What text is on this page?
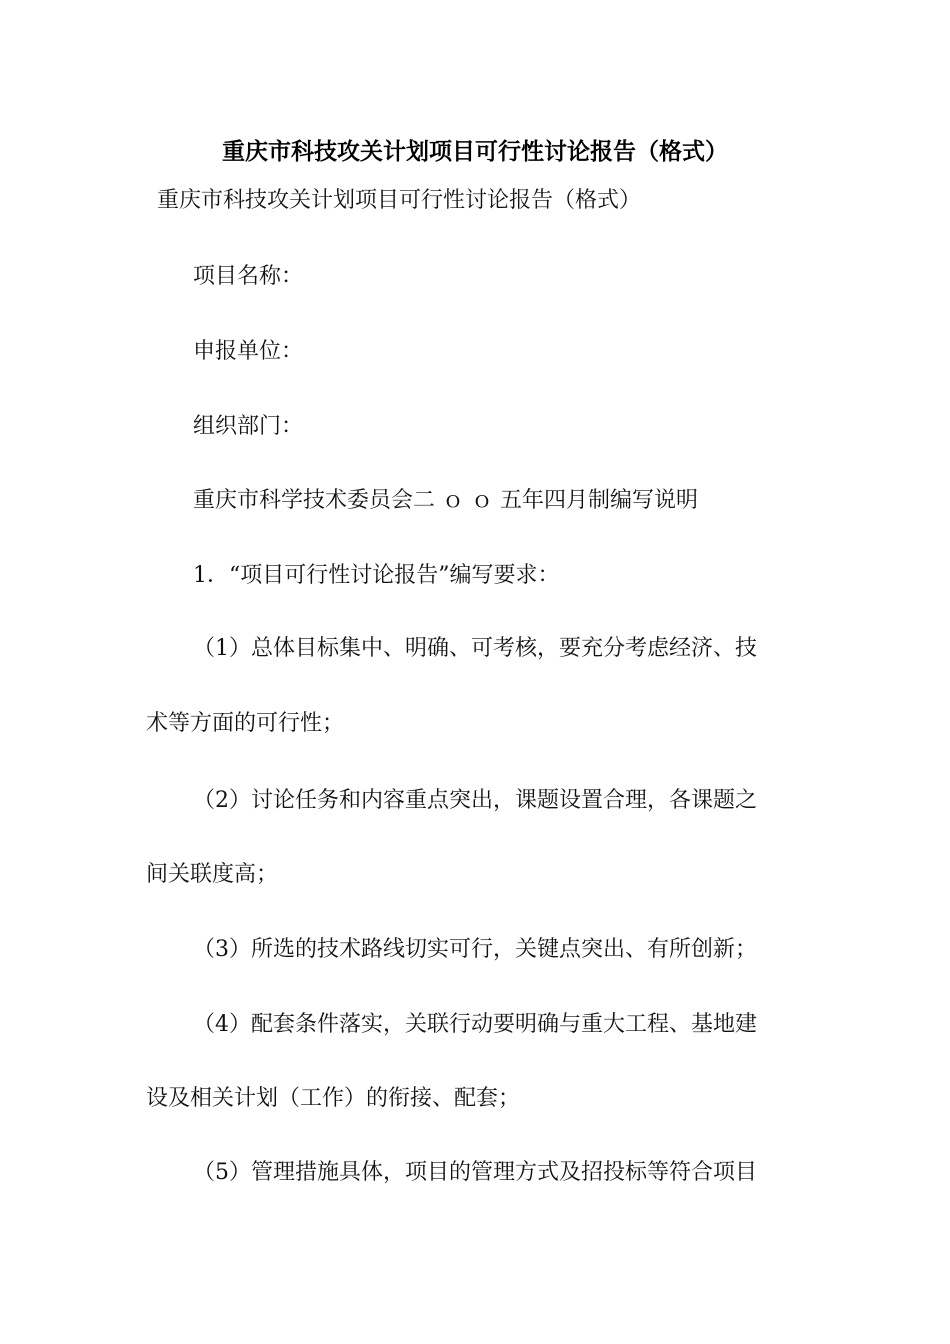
重庆市科技攻关计划项目可行性讨论报告（格式）
重庆市科技攻关计划项目可行性讨论报告（格式）
项目名称：
申报单位：
组织部门：
重庆市科学技术委员会二 ｏ ｏ 五年四月制编写说明
1．“项目可行性讨论报告”编写要求：
（1）总体目标集中、明确、可考核，要充分考虑经济、技
术等方面的可行性；
（2）讨论任务和内容重点突出，课题设置合理，各课题之
间关联度高；
（3）所选的技术路线切实可行，关键点突出、有所创新；
（4）配套条件落实，关联行动要明确与重大工程、基地建
设及相关计划（工作）的衔接、配套；
（5）管理措施具体，项目的管理方式及招投标等符合项目
